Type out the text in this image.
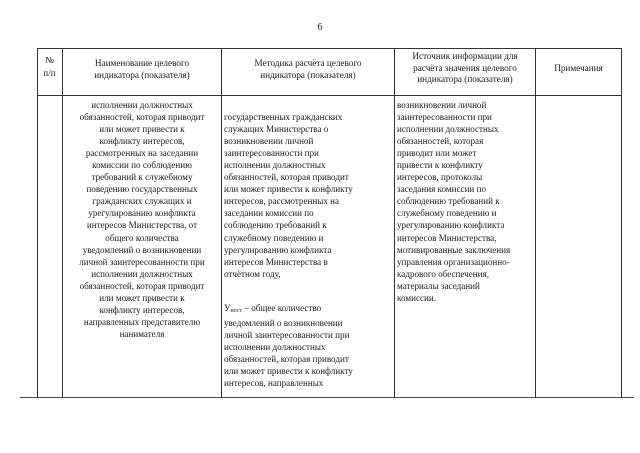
6
№
п/п
Наименование целевого
индикатора (показателя)
Методика расчёта целевого
индикатора (показателя)
Источник информации для
расчёта значения целевого
индикатора (показателя)
Примечания
исполнении должностных
обязанностей, которая приводит
или может привести к
конфликту интересов,
рассмотренных на заседании
комиссии по соблюдению
требований к служебному
поведению государственных
гражданских служащих и
урегулированию конфликта
интересов Министерства, от
общего количества
уведомлений о возникновении
личной заинтересованности при
исполнении должностных
обязанностей, которая приводит
или может привести к
конфликту интересов,
направленных представителю
нанимателя

государственных гражданских
служащих Министерства о
возникновении личной
заинтересованности при
исполнении должностных
обязанностей, которая приводит
или может привести к конфликту
интересов, рассмотренных на
заседании комиссии по
соблюдению требований к
служебному поведению и
урегулированию конфликта
интересов Министерства в
отчётном году,

Уност – общее количество
уведомлений о возникновении
личной заинтересованности при
исполнении должностных
обязанностей, которая приводит
или может привести к конфликту
интересов, направленных

возникновении личной
заинтересованности при
исполнении должностных
обязанностей, которая
приводит или может
привести к конфликту
интересов, протоколы
заседания комиссии по
соблюдению требований к
служебному поведению и
урегулированию конфликта
интересов Министерства,
мотивированные заключения
управления организационно-
кадрового обеспечения,
материалы заседаний
комиссии.
